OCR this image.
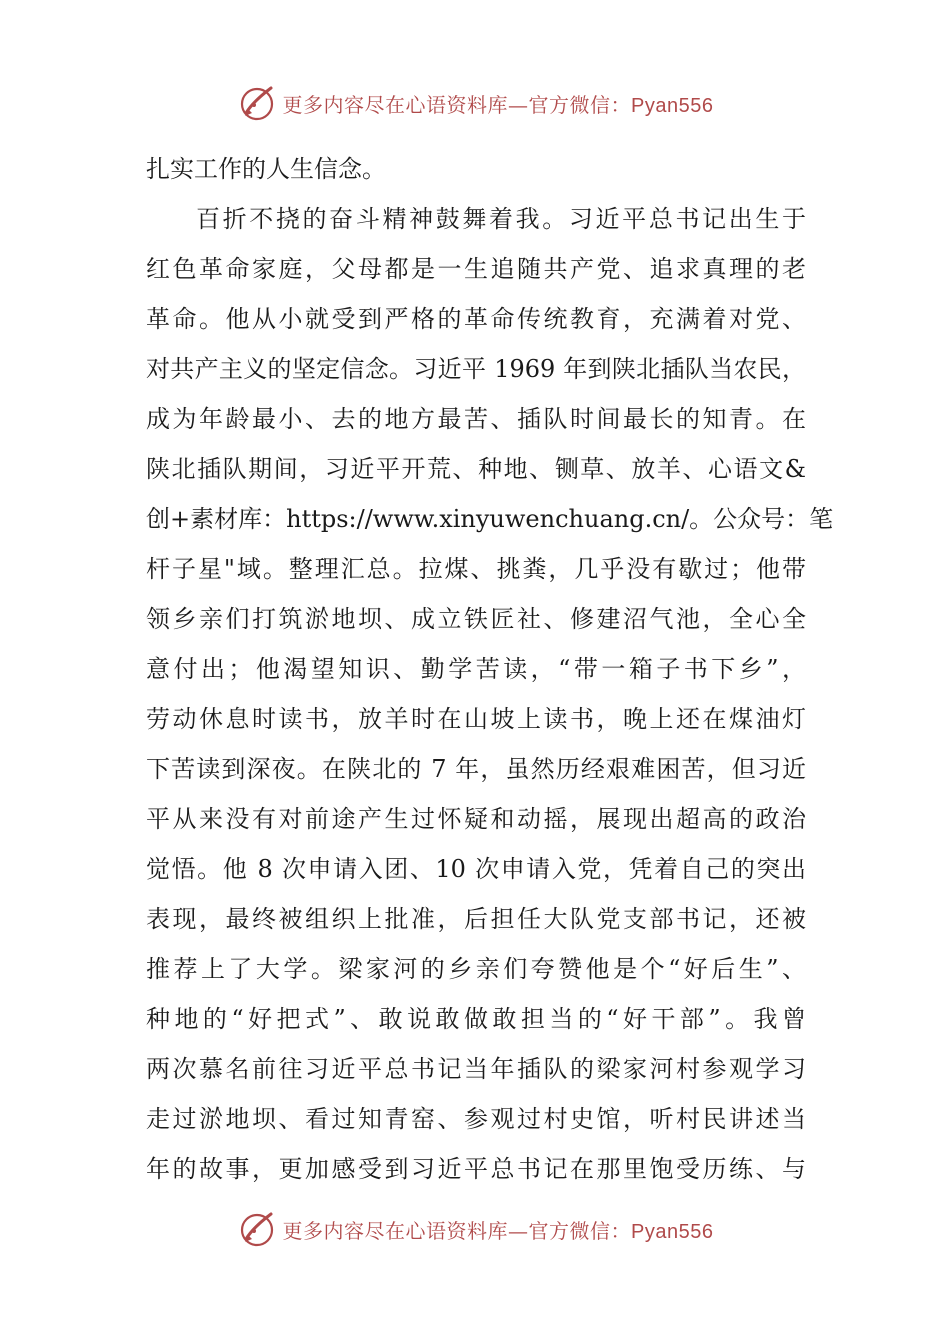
更多内容尽在心语资料库—官方微信：Pyan556
扎实工作的人生信念。
百折不挠的奋斗精神鼓舞着我。习近平总书记出生于
红色革命家庭，父母都是一生追随共产党、追求真理的老
革命。他从小就受到严格的革命传统教育，充满着对党、
对共产主义的坚定信念。习近平 1969 年到陕北插队当农民，
成为年龄最小、去的地方最苦、插队时间最长的知青。在
陕北插队期间，习近平开荒、种地、铡草、放羊、心语文&
创+素材库：https://www.xinyuwenchuang.cn/。公众号：笔
杆子星"域。整理汇总。拉煤、挑粪，几乎没有歇过；他带
领乡亲们打筑淤地坝、成立铁匠社、修建沼气池，全心全
意付出；他渴望知识、勤学苦读，“带一箱子书下乡”，
劳动休息时读书，放羊时在山坡上读书，晚上还在煤油灯
下苦读到深夜。在陕北的 7 年，虽然历经艰难困苦，但习近
平从来没有对前途产生过怀疑和动摇，展现出超高的政治
觉悟。他 8 次申请入团、10 次申请入党，凭着自己的突出
表现，最终被组织上批准，后担任大队党支部书记，还被
推荐上了大学。梁家河的乡亲们夸赞他是个“好后生”、
种地的“好把式”、敢说敢做敢担当的“好干部”。我曾
两次慕名前往习近平总书记当年插队的梁家河村参观学习
走过淤地坝、看过知青窑、参观过村史馆，听村民讲述当
年的故事，更加感受到习近平总书记在那里饱受历练、与
更多内容尽在心语资料库—官方微信：Pyan556
